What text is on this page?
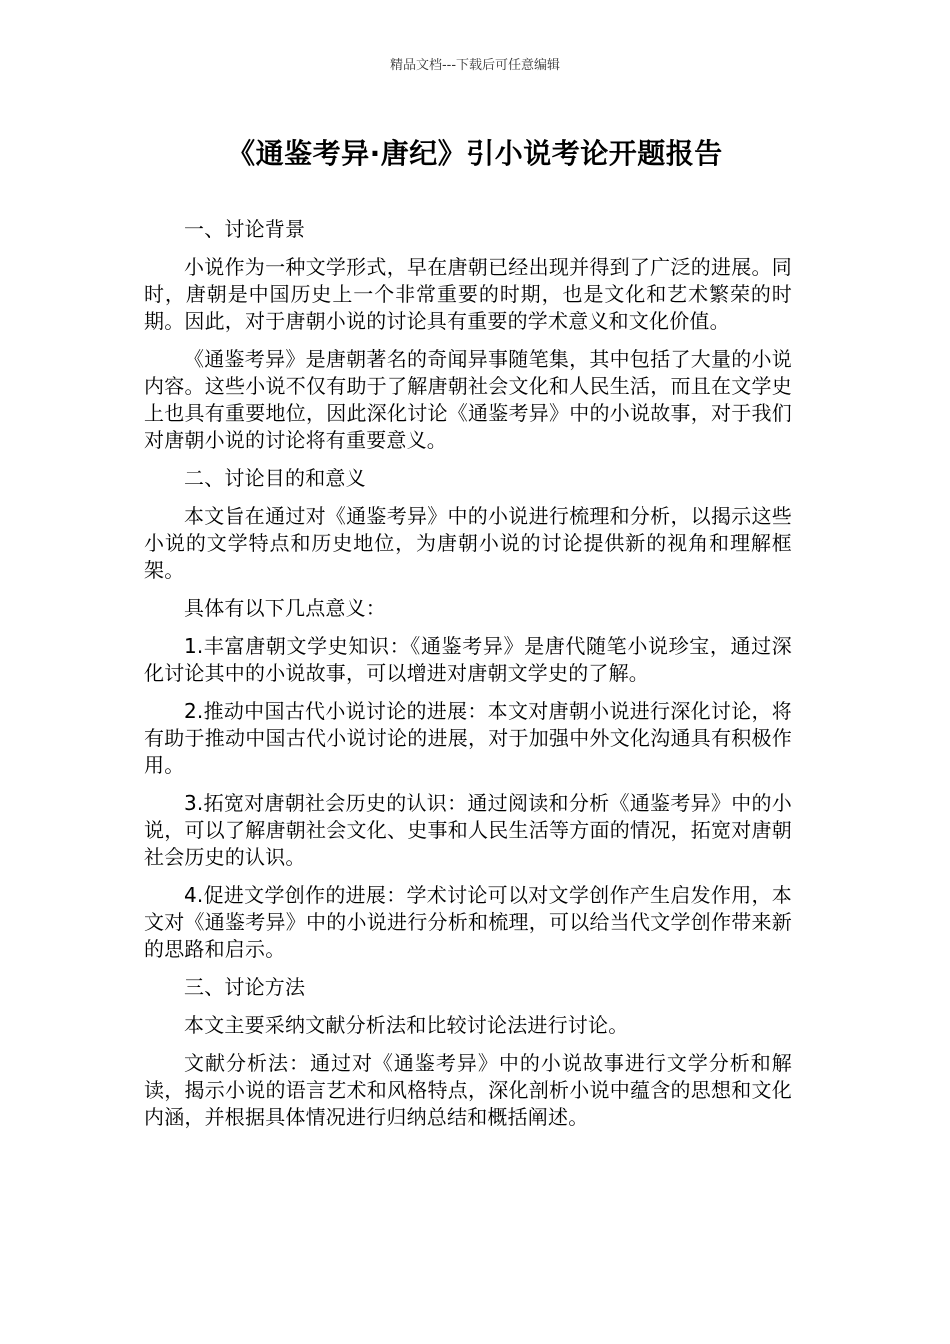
精品文档---下载后可任意编辑
《通鉴考异·唐纪》引小说考论开题报告

一、讨论背景

小说作为一种文学形式，早在唐朝已经出现并得到了广泛的进展。同时，唐朝是中国历史上一个非常重要的时期，也是文化和艺术繁荣的时期。因此，对于唐朝小说的讨论具有重要的学术意义和文化价值。

《通鉴考异》是唐朝著名的奇闻异事随笔集，其中包括了大量的小说内容。这些小说不仅有助于了解唐朝社会文化和人民生活，而且在文学史上也具有重要地位，因此深化讨论《通鉴考异》中的小说故事，对于我们对唐朝小说的讨论将有重要意义。

二、讨论目的和意义

本文旨在通过对《通鉴考异》中的小说进行梳理和分析，以揭示这些小说的文学特点和历史地位，为唐朝小说的讨论提供新的视角和理解框架。

具体有以下几点意义：

1.丰富唐朝文学史知识：《通鉴考异》是唐代随笔小说珍宝，通过深化讨论其中的小说故事，可以增进对唐朝文学史的了解。

2.推动中国古代小说讨论的进展：本文对唐朝小说进行深化讨论，将有助于推动中国古代小说讨论的进展，对于加强中外文化沟通具有积极作用。

3.拓宽对唐朝社会历史的认识：通过阅读和分析《通鉴考异》中的小说，可以了解唐朝社会文化、史事和人民生活等方面的情况，拓宽对唐朝社会历史的认识。

4.促进文学创作的进展：学术讨论可以对文学创作产生启发作用，本文对《通鉴考异》中的小说进行分析和梳理，可以给当代文学创作带来新的思路和启示。

三、讨论方法

本文主要采纳文献分析法和比较讨论法进行讨论。

文献分析法：通过对《通鉴考异》中的小说故事进行文学分析和解读，揭示小说的语言艺术和风格特点，深化剖析小说中蕴含的思想和文化内涵，并根据具体情况进行归纳总结和概括阐述。
